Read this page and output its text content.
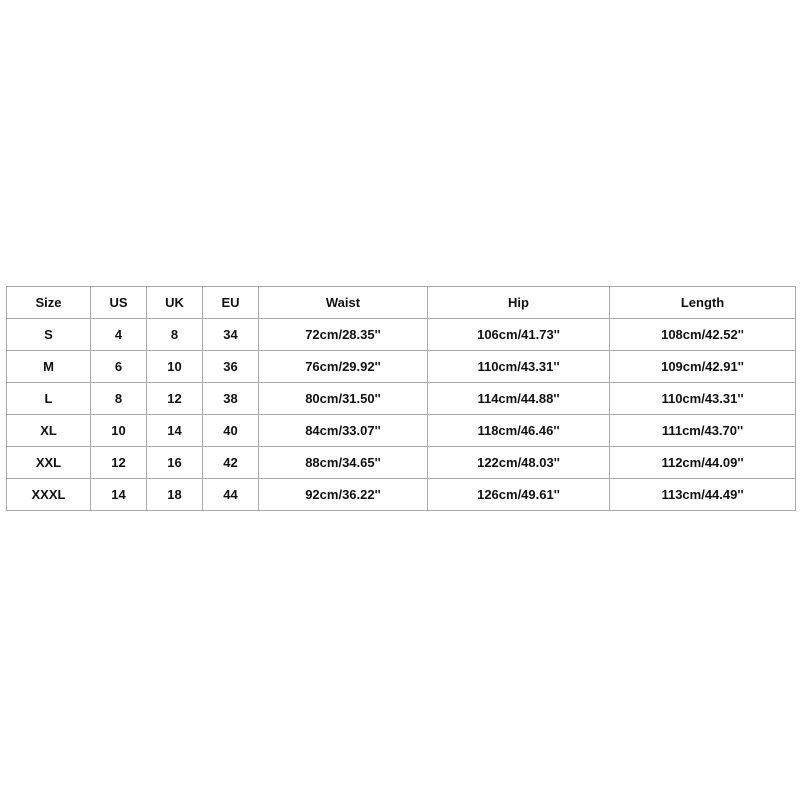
Size	US	UK	EU	Waist	Hip	Length
S	4	8	34	72cm/28.35''	106cm/41.73''	108cm/42.52''
M	6	10	36	76cm/29.92''	110cm/43.31''	109cm/42.91''
L	8	12	38	80cm/31.50''	114cm/44.88''	110cm/43.31''
XL	10	14	40	84cm/33.07''	118cm/46.46''	111cm/43.70''
XXL	12	16	42	88cm/34.65''	122cm/48.03''	112cm/44.09''
XXXL	14	18	44	92cm/36.22''	126cm/49.61''	113cm/44.49''
